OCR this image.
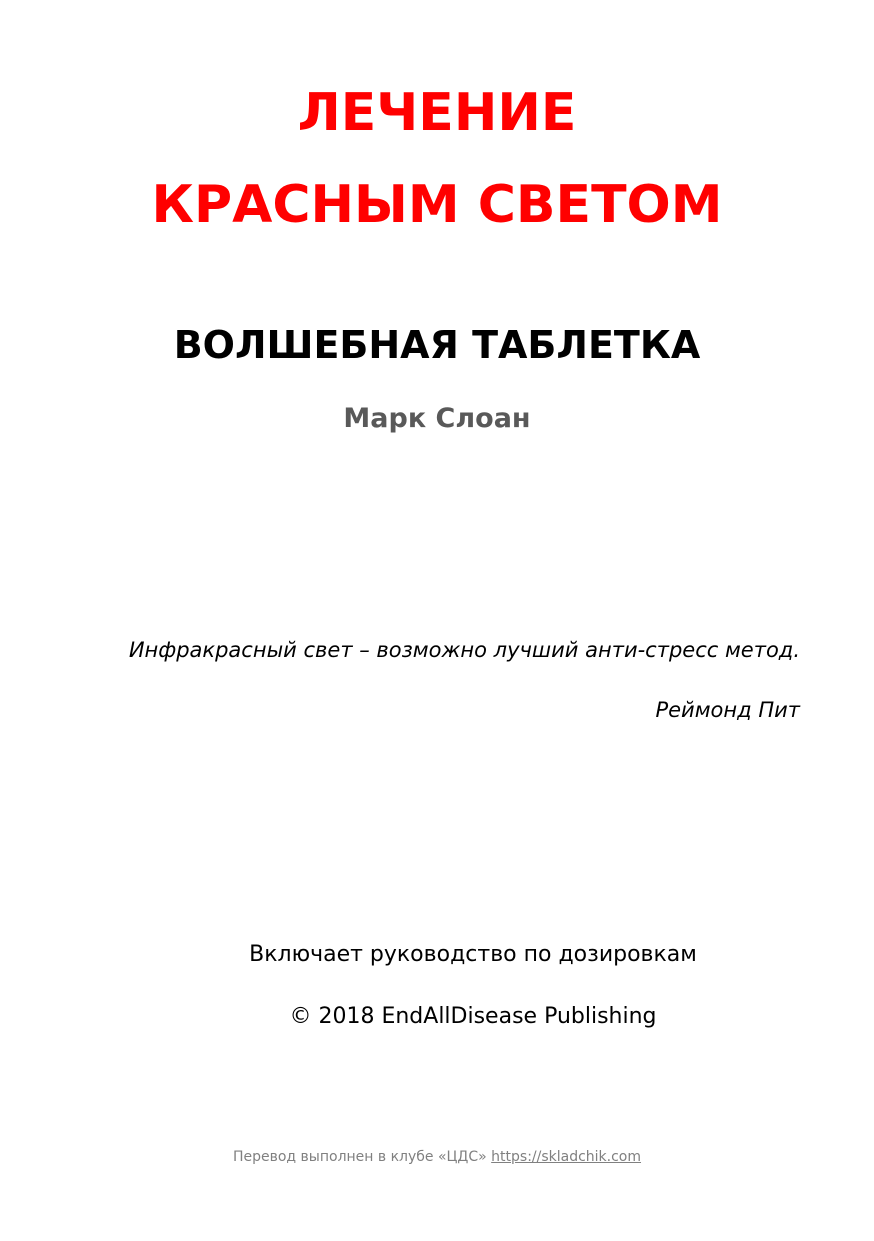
ЛЕЧЕНИЕ
КРАСНЫМ СВЕТОМ
ВОЛШЕБНАЯ ТАБЛЕТКА
Марк Слоан
Инфракрасный свет – возможно лучший анти-стресс метод.
Реймонд Пит
Включает руководство по дозировкам
© 2018 EndAllDisease Publishing
Перевод выполнен в клубе «ЦДС» https://skladchik.com
